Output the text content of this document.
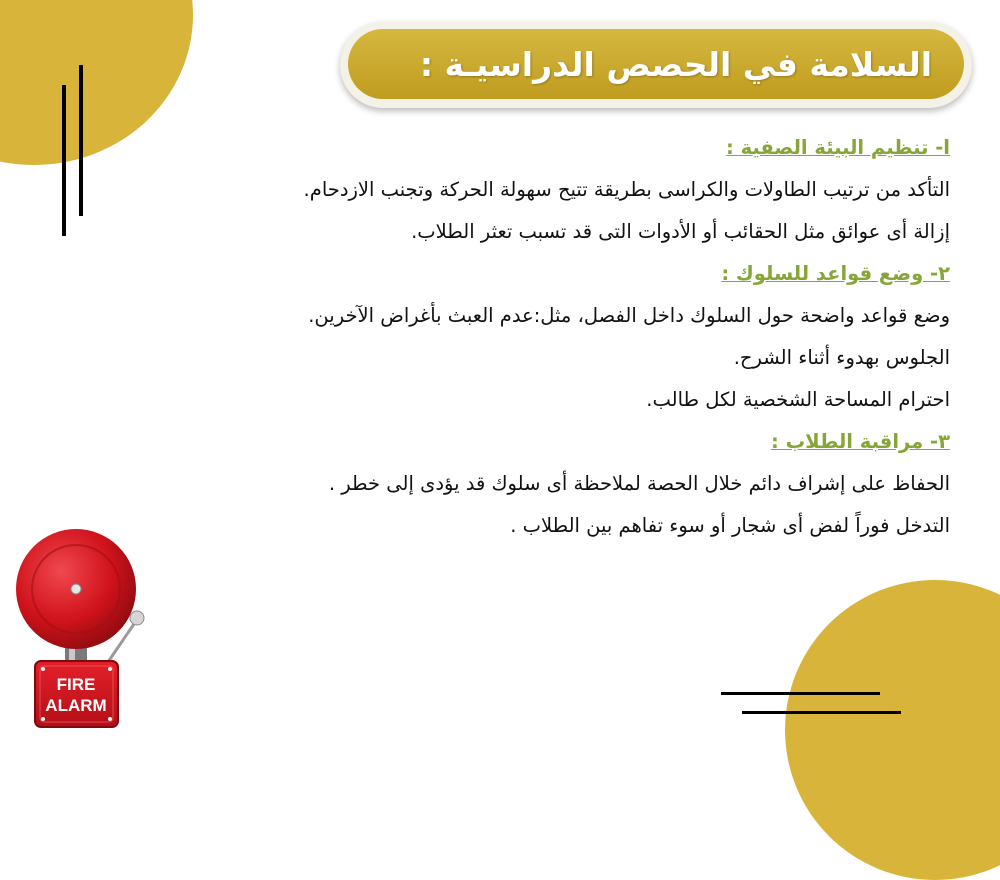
السلامة في الحصص الدراسيـة :
ا- تنظيم البيئة الصفية :
التأكد من ترتيب الطاولات والكراسى بطريقة تتيح سهولة الحركة وتجنب الازدحام.
إزالة أى عوائق مثل الحقائب أو الأدوات التى قد تسبب تعثر الطلاب.
٢- وضع قواعد للسلوك :
وضع قواعد واضحة حول السلوك داخل الفصل، مثل:عدم العبث بأغراض الآخرين.
الجلوس بهدوء أثناء الشرح.
احترام المساحة الشخصية لكل طالب.
٣- مراقبة الطلاب :
الحفاظ على إشراف دائم خلال الحصة لملاحظة أى سلوك قد يؤدى إلى خطر .
التدخل فوراً لفض أى شجار أو سوء تفاهم بين الطلاب .
FIRE
ALARM
